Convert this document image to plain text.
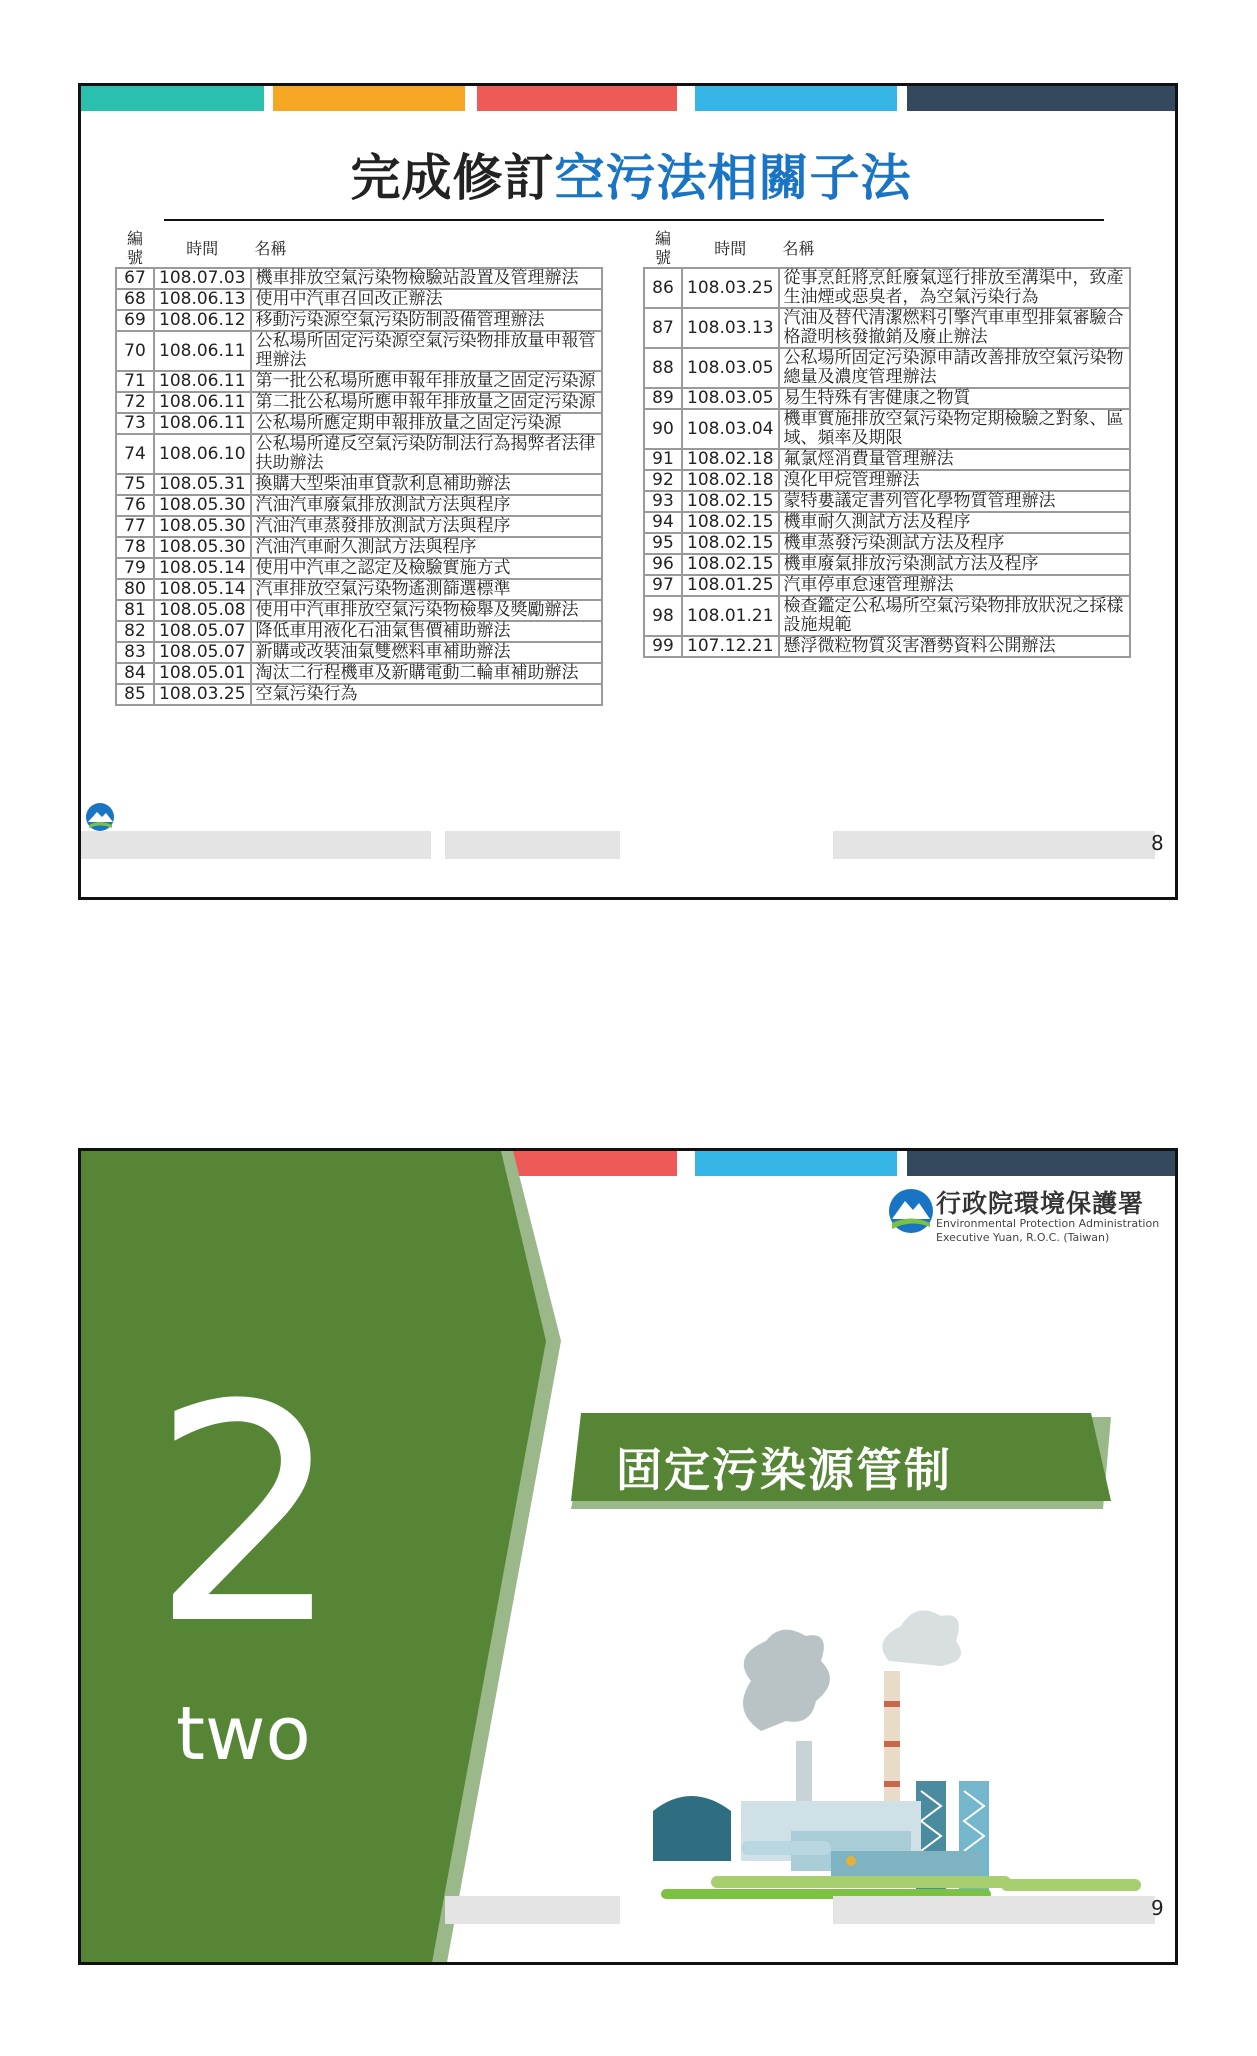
完成修訂空污法相關子法
編號	時間	名稱
67	108.07.03	機車排放空氣污染物檢驗站設置及管理辦法
68	108.06.13	使用中汽車召回改正辦法
69	108.06.12	移動污染源空氣污染防制設備管理辦法
70	108.06.11	公私場所固定污染源空氣污染物排放量申報管理辦法
71	108.06.11	第一批公私場所應申報年排放量之固定污染源
72	108.06.11	第二批公私場所應申報年排放量之固定污染源
73	108.06.11	公私場所應定期申報排放量之固定污染源
74	108.06.10	公私場所違反空氣污染防制法行為揭弊者法律扶助辦法
75	108.05.31	換購大型柴油車貸款利息補助辦法
76	108.05.30	汽油汽車廢氣排放測試方法與程序
77	108.05.30	汽油汽車蒸發排放測試方法與程序
78	108.05.30	汽油汽車耐久測試方法與程序
79	108.05.14	使用中汽車之認定及檢驗實施方式
80	108.05.14	汽車排放空氣污染物遙測篩選標準
81	108.05.08	使用中汽車排放空氣污染物檢舉及獎勵辦法
82	108.05.07	降低車用液化石油氣售價補助辦法
83	108.05.07	新購或改裝油氣雙燃料車補助辦法
84	108.05.01	淘汰二行程機車及新購電動二輪車補助辦法
85	108.03.25	空氣污染行為
編號	時間	名稱
86	108.03.25	從事烹飪將烹飪廢氣逕行排放至溝渠中，致產生油煙或惡臭者，為空氣污染行為
87	108.03.13	汽油及替代清潔燃料引擎汽車車型排氣審驗合格證明核發撤銷及廢止辦法
88	108.03.05	公私場所固定污染源申請改善排放空氣污染物總量及濃度管理辦法
89	108.03.05	易生特殊有害健康之物質
90	108.03.04	機車實施排放空氣污染物定期檢驗之對象、區域、頻率及期限
91	108.02.18	氟氯烴消費量管理辦法
92	108.02.18	溴化甲烷管理辦法
93	108.02.15	蒙特婁議定書列管化學物質管理辦法
94	108.02.15	機車耐久測試方法及程序
95	108.02.15	機車蒸發污染測試方法及程序
96	108.02.15	機車廢氣排放污染測試方法及程序
97	108.01.25	汽車停車怠速管理辦法
98	108.01.21	檢查鑑定公私場所空氣污染物排放狀況之採樣設施規範
99	107.12.21	懸浮微粒物質災害潛勢資料公開辦法
8
2
two
行政院環境保護署
Environmental Protection Administration
Executive Yuan, R.O.C. (Taiwan)
固定污染源管制
9
